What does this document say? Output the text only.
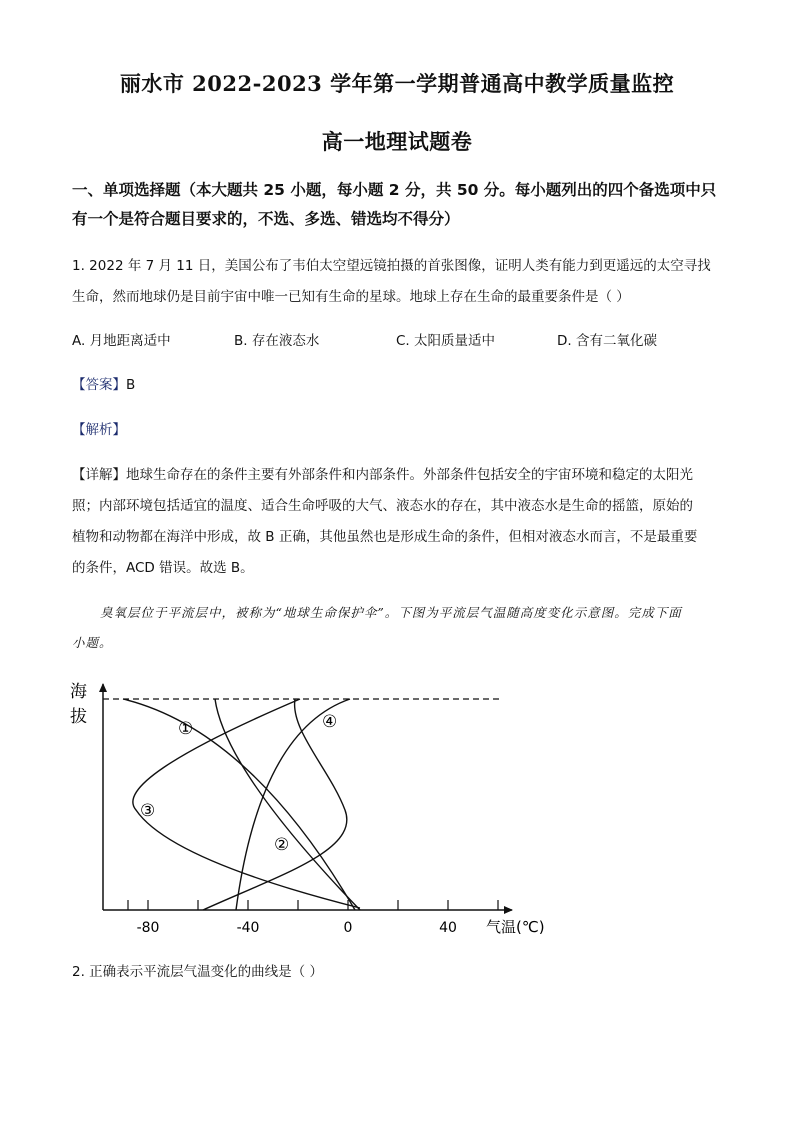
丽水市 2022-2023 学年第一学期普通高中教学质量监控
高一地理试题卷
一、单项选择题（本大题共 25 小题，每小题 2 分，共 50 分。每小题列出的四个备选项中只
有一个是符合题目要求的，不选、多选、错选均不得分）
1. 2022 年 7 月 11 日，美国公布了韦伯太空望远镜拍摄的首张图像，证明人类有能力到更遥远的太空寻找
生命，然而地球仍是目前宇宙中唯一已知有生命的星球。地球上存在生命的最重要条件是（ ）
A. 月地距离适中	B. 存在液态水	C. 太阳质量适中	D. 含有二氧化碳
【答案】B
【解析】
【详解】地球生命存在的条件主要有外部条件和内部条件。外部条件包括安全的宇宙环境和稳定的太阳光
照；内部环境包括适宜的温度、适合生命呼吸的大气、液态水的存在，其中液态水是生命的摇篮，原始的
植物和动物都在海洋中形成，故 B 正确，其他虽然也是形成生命的条件，但相对液态水而言，不是最重要
的条件，ACD 错误。故选 B。
臭氧层位于平流层中，被称为“地球生命保护伞”。下图为平流层气温随高度变化示意图。完成下面
小题。
海
拔
①
②
③
④
-80	-40	0	40 气温(℃)
2. 正确表示平流层气温变化的曲线是（ ）
